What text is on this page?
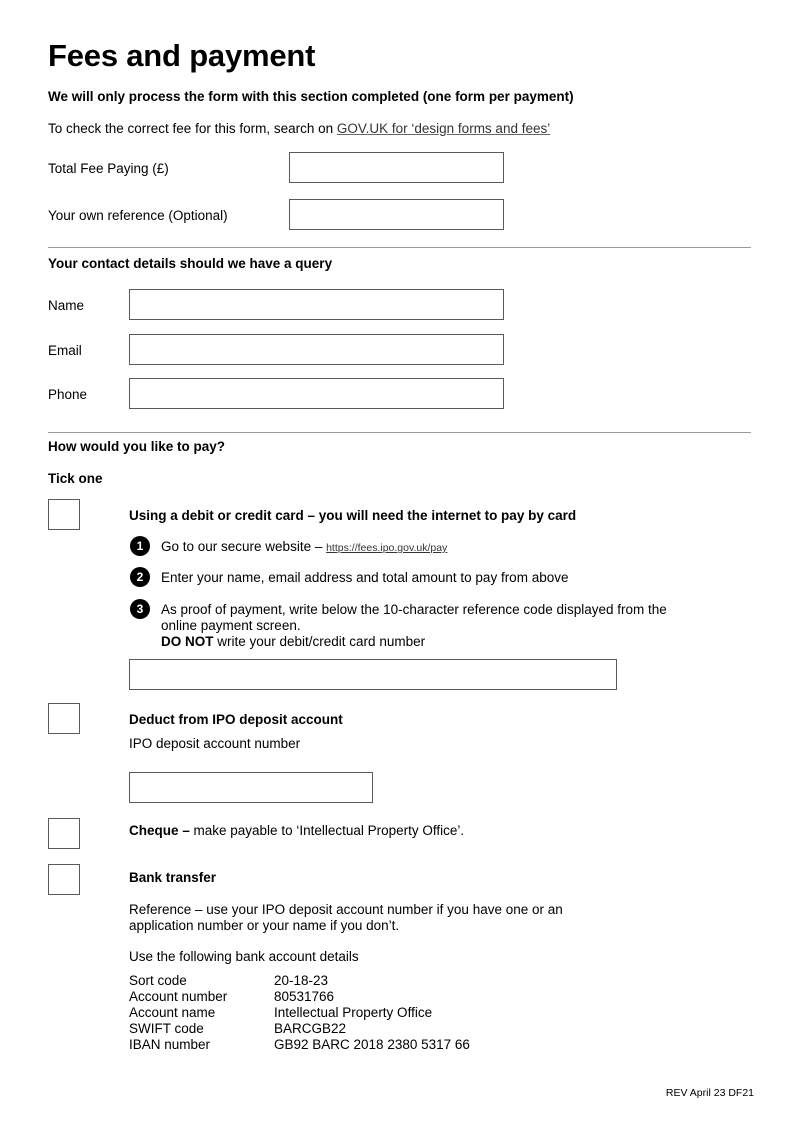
Fees and payment
We will only process the form with this section completed (one form per payment)
To check the correct fee for this form, search on GOV.UK for ‘design forms and fees’
Total Fee Paying (£)
Your own reference (Optional)
Your contact details should we have a query
Name
Email
Phone
How would you like to pay?
Tick one
Using a debit or credit card – you will need the internet to pay by card
1	Go to our secure website – https://fees.ipo.gov.uk/pay
2	Enter your name, email address and total amount to pay from above
3	As proof of payment, write below the 10-character reference code displayed from the
online payment screen.
DO NOT write your debit/credit card number
Deduct from IPO deposit account
IPO deposit account number
Cheque – make payable to ‘Intellectual Property Office’.
Bank transfer
Reference – use your IPO deposit account number if you have one or an
application number or your name if you don’t.
Use the following bank account details
Sort code	20-18-23
Account number	80531766
Account name	Intellectual Property Office
SWIFT code	BARCGB22
IBAN number	GB92 BARC 2018 2380 5317 66
REV April 23 DF21
